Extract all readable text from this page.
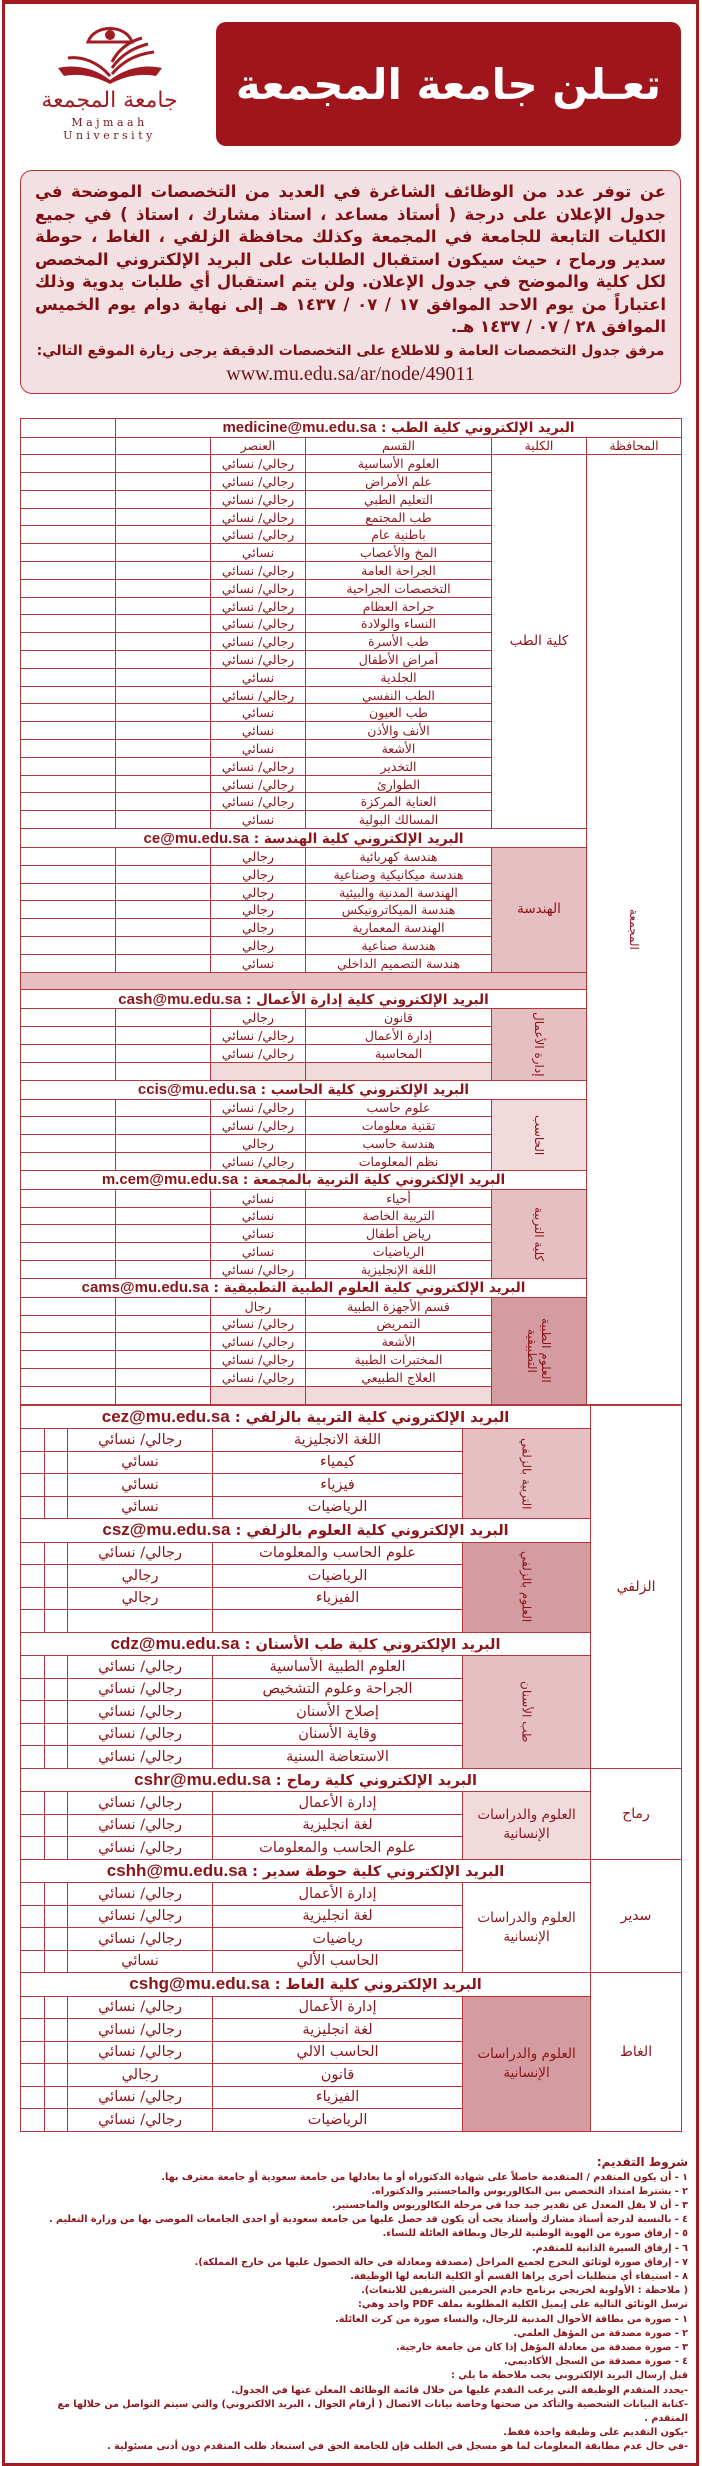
جامعة المجمعة
Majmaah University
تعـلن جامعة المجمعة

عن توفر عدد من الوظائف الشاغرة في العديد من التخصصات الموضحة في جدول الإعلان على درجة ( أستاذ مساعد ، استاذ مشارك ، استاذ ) في جميع الكليات التابعة للجامعة في المجمعة وكذلك محافظة الزلفي ، الغاط ، حوطة سدير ورماح ، حيث سيكون استقبال الطلبات على البريد الإلكتروني المخصص لكل كلية والموضح في جدول الإعلان. ولن يتم استقبال أي طلبات يدوية وذلك اعتباراً من يوم الاحد الموافق ١٧ / ٠٧ / ١٤٣٧ هـ إلى نهاية دوام يوم الخميس الموافق ٢٨ / ٠٧ / ١٤٣٧ هـ.

مرفق جدول التخصصات العامة و للاطلاع على التخصصات الدقيقة يرجى زيارة الموقع التالي:

www.mu.edu.sa/ar/node/49011

البريد الإلكتروني كلية الطب : medicine@mu.edu.sa					
المحافظة	الكلية	القسم	العنصر		

المجمعة	كلية الطب	العلوم الأساسية	رجالي/ نسائي		
		علم الأمراض	رجالي/ نسائي		
		التعليم الطبي	رجالي/ نسائي		
		طب المجتمع	رجالي/ نسائي		
		باطنية عام	رجالي/ نسائي		
		المخ والأعصاب	نسائي		
		الجراحة العامة	رجالي/ نسائي		
		التخصصات الجراحية	رجالي/ نسائي		
		جراحة العظام	رجالي/ نسائي		
		النساء والولادة	رجالي/ نسائي		
		طب الأسرة	رجالي/ نسائي		
		أمراض الأطفال	رجالي/ نسائي		
		الجلدية	نسائي		
		الطب النفسي	رجالي/ نسائي		
		طب العيون	نسائي		
		الأنف والأذن	نسائي		
		الأشعة	نسائي		
		التخدير	رجالي/ نسائي		
		الطوارئ	رجالي/ نسائي		
		العناية المركزة	رجالي/ نسائي		
		المسالك البولية	نسائي		
	البريد الإلكتروني كلية الهندسة : ce@mu.edu.sa				
	الهندسة	هندسة كهربائية	رجالي		
		هندسة ميكانيكية وصناعية	رجالي		
		الهندسة المدنية والبيئية	رجالي		
		هندسة الميكاترونيكس	رجالي		
		الهندسة المعمارية	رجالي		
		هندسة صناعية	رجالي		
		هندسة التصميم الداخلي	نسائي		

	البريد الإلكتروني كلية إدارة الأعمال : cash@mu.edu.sa				

إدارة الأعمال	قانون	رجالي		
		إدارة الأعمال	رجالي/ نسائي		
		المحاسبة	رجالي/ نسائي		

	البريد الإلكتروني كلية الحاسب : ccis@mu.edu.sa				

الحاسب	علوم حاسب	رجالي/ نسائي		
		تقنية معلومات	رجالي/ نسائي		
		هندسة حاسب	رجالي		
		نظم المعلومات	رجالي/ نسائي		
	البريد الإلكتروني كلية التربية بالمجمعة : m.cem@mu.edu.sa				

كلية التربية	أحياء	نسائي		
		التربية الخاصة	نسائي		
		رياض أطفال	نسائي		
		الرياضيات	نسائي		
		اللغة الإنجليزية	رجالي/ نسائي		
	البريد الإلكتروني كلية العلوم الطبية التطبيقية : cams@mu.edu.sa				

العلوم الطبية التطبيقية	قسم الأجهزة الطبية	رجال		
		التمريض	رجالي/ نسائي		
		الأشعة	رجالي/ نسائي		
		المختبرات الطبية	رجالي/ نسائي		
		العلاج الطبيعي	رجالي/ نسائي		

الزلفي	البريد الإلكتروني كلية التربية بالزلفي : cez@mu.edu.sa				

التربية بالزلفي	اللغة الانجليزية	رجالي/ نسائي		
		كيمياء	نسائي		
		فيزياء	نسائي		
		الرياضيات	نسائي		
	البريد الإلكتروني كلية العلوم بالزلفي : csz@mu.edu.sa				

العلوم بالزلفي	علوم الحاسب والمعلومات	رجالي/ نسائي		
		الرياضيات	رجالي		
		الفيزياء	رجالي		

	البريد الإلكتروني كلية طب الأسنان : cdz@mu.edu.sa				

طب الأسنان	العلوم الطبية الأساسية	رجالي/ نسائي		
		الجراحة وعلوم التشخيص	رجالي/ نسائي		
		إصلاح الأسنان	رجالي/ نسائي		
		وقاية الأسنان	رجالي/ نسائي		
		الاستعاضة السنية	رجالي/ نسائي		
رماح	البريد الإلكتروني كلية رماح : cshr@mu.edu.sa				
	العلوم والدراسات الإنسانية	إدارة الأعمال	رجالي/ نسائي		
		لغة انجليزية	رجالي/ نسائي		
		علوم الحاسب والمعلومات	رجالي/ نسائي		
سدير	البريد الإلكتروني كلية حوطة سدير : cshh@mu.edu.sa				
	العلوم والدراسات الإنسانية	إدارة الأعمال	رجالي/ نسائي		
		لغة انجليزية	رجالي/ نسائي		
		رياضيات	رجالي/ نسائي		
		الحاسب الألي	نسائي		
الغاط	البريد الإلكتروني كلية الغاط : cshg@mu.edu.sa				
	العلوم والدراسات الإنسانية	إدارة الأعمال	رجالي/ نسائي		
		لغة انجليزية	رجالي/ نسائي		
		الحاسب الالي	رجالي/ نسائي		
		قانون	رجالي		
		الفيزياء	رجالي/ نسائي		
		الرياضيات	رجالي/ نسائي		
شروط التقديم:
١ - أن يكون المتقدم / المتقدمة حاصلاً على شهادة الدكتوراه أو ما يعادلها من جامعة سعودية أو جامعة معترف بها.
٢ - يشترط امتداد التخصص بين البكالوريوس والماجستير والدكتوراه.
٣ - أن لا يقل المعدل عن تقدير جيد جدا في مرحلة البكالوريوس والماجستير.
٤ - بالنسبة لدرجة أستاذ مشارك وأستاذ يجب أن يكون قد حصل عليها من جامعة سعودية أو احدى الجامعات الموصى بها من وزارة التعليم .
٥ - إرفاق صورة من الهوية الوطنية للرجال وبطاقة العائلة للنساء.
٦ - إرفاق السيرة الذاتية للمتقدم.
٧ - إرفاق صورة لوثائق التخرج لجميع المراحل (مصدقة ومعادلة في حالة الحصول عليها من خارج المملكة).
٨ - استيفاء أي متطلبات أخرى يراها القسم أو الكلية التابعة لها الوظيفة.
( ملاحظة : الأولوية لخريجي برنامج خادم الحرمين الشريفين للابتعاث).
ترسل الوثائق التالية على إيميل الكلية المطلوبة بملف PDF واحد وهي:
١ - صورة من بطاقة الأحوال المدنية للرجال، والنساء صورة من كرت العائلة.
٢ - صورة مصدقة من المؤهل العلمي.
٣ - صورة مصدقة من معادلة المؤهل إذا كان من جامعة خارجية.
٤ - صورة مصدقة من السجل الأكاديمي.
قبل إرسال البريد الإلكتروني يجب ملاحظة ما يلي :
-يحدد المتقدم الوظيفة التي يرغب التقدم عليها من خلال قائمة الوظائف المعلن عنها في الجدول.
-كتابة البيانات الشخصية والتأكد من صحتها وخاصة بيانات الاتصال ( أرقام الجوال ، البريد الالكتروني) والتي سيتم التواصل من خلالها مع المتقدم .
-يكون التقديم على وظيفة واحدة فقط.
-في حال عدم مطابقة المعلومات لما هو مسجل في الطلب فإن للجامعة الحق في استبعاد طلب المتقدم دون أدنى مسئولية .
